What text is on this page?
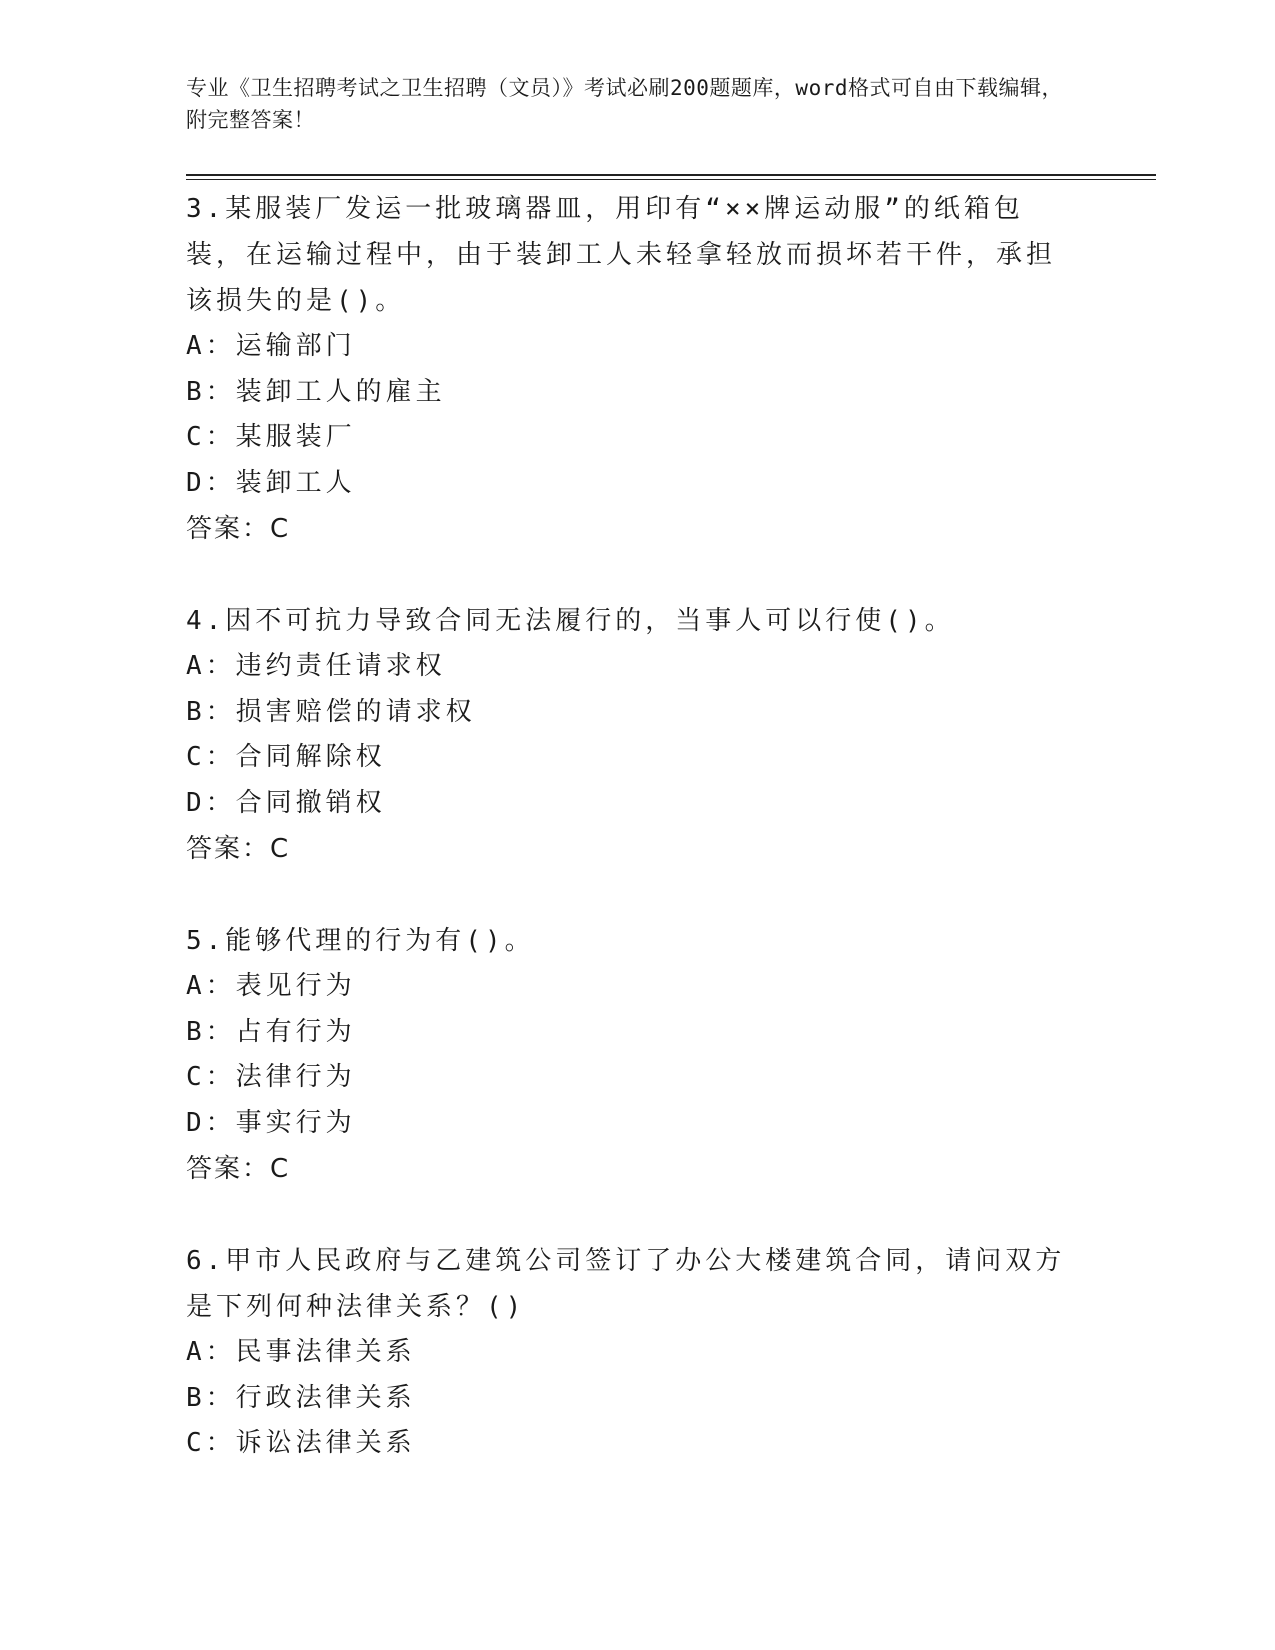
专业《卫生招聘考试之卫生招聘（文员）》考试必刷200题题库，word格式可自由下载编辑，附完整答案！
3.某服装厂发运一批玻璃器皿，用印有“××牌运动服”的纸箱包装，在运输过程中，由于装卸工人未轻拿轻放而损坏若干件，承担该损失的是()。
A：运输部门
B：装卸工人的雇主
C：某服装厂
D：装卸工人
答案：C
4.因不可抗力导致合同无法履行的，当事人可以行使()。
A：违约责任请求权
B：损害赔偿的请求权
C：合同解除权
D：合同撤销权
答案：C
5.能够代理的行为有()。
A：表见行为
B：占有行为
C：法律行为
D：事实行为
答案：C
6.甲市人民政府与乙建筑公司签订了办公大楼建筑合同，请问双方是下列何种法律关系？()
A：民事法律关系
B：行政法律关系
C：诉讼法律关系
